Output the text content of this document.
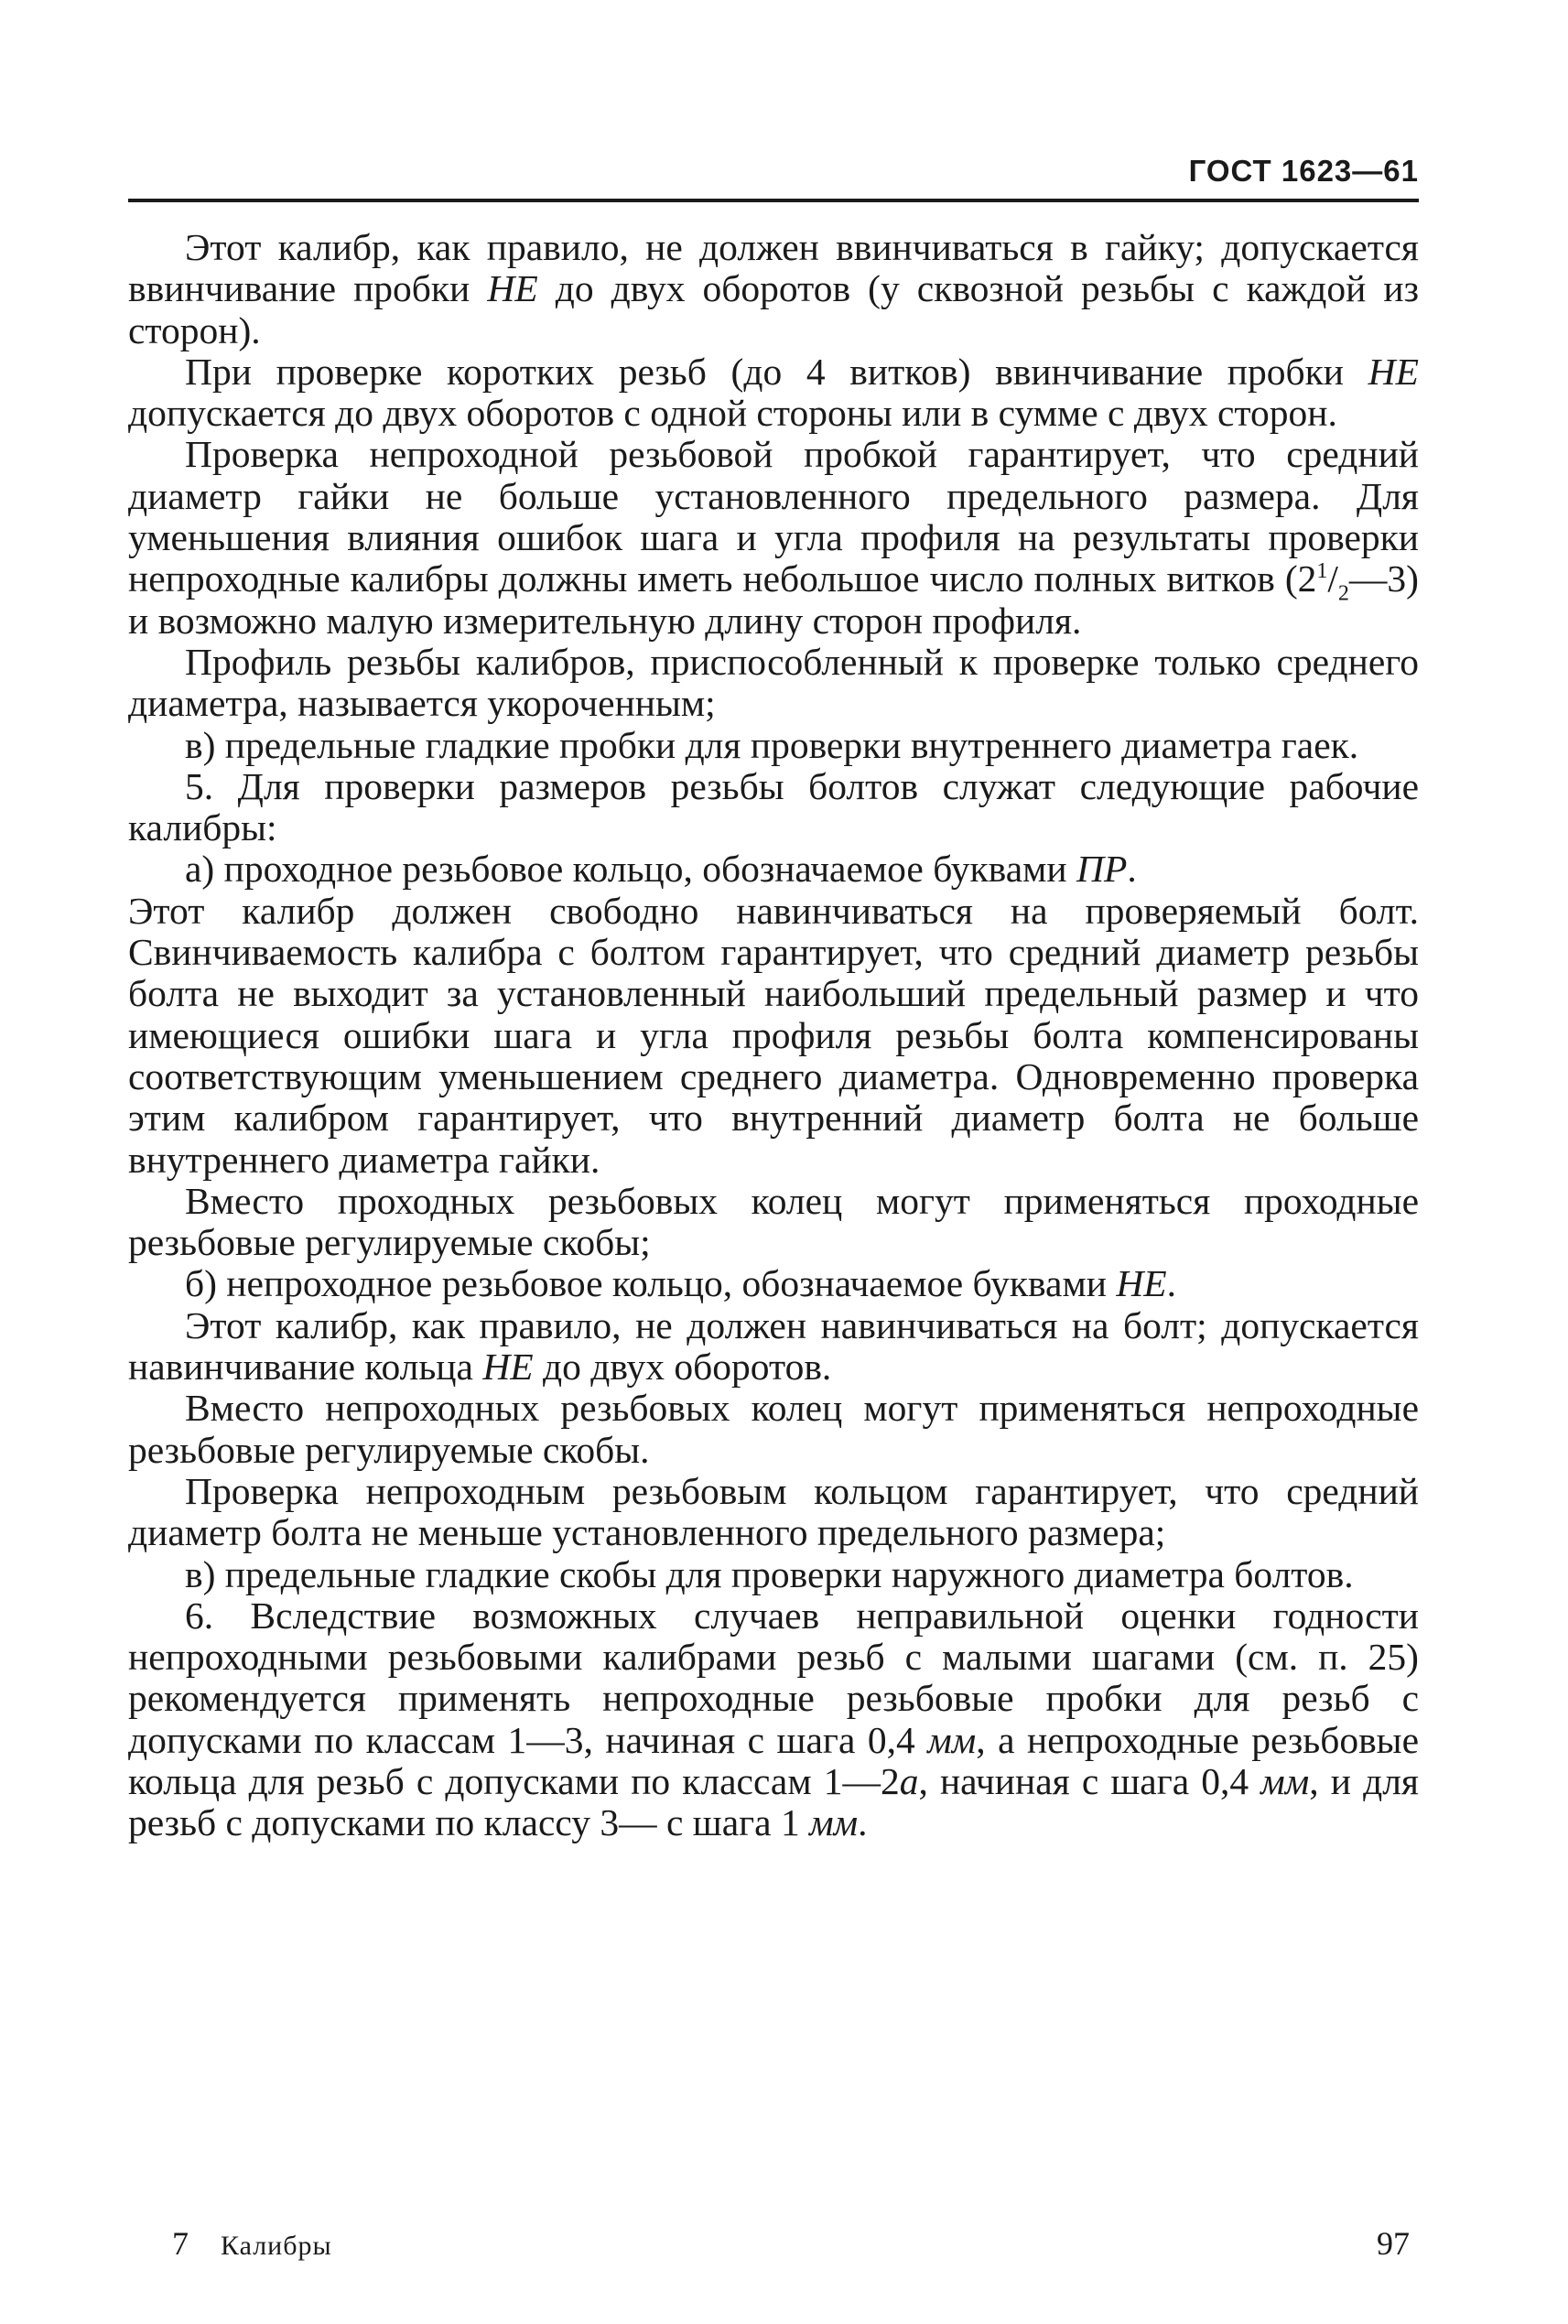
ГОСТ 1623—61

Этот калибр, как правило, не должен ввинчиваться в гайку; допускается ввинчивание пробки НЕ до двух оборотов (у сквозной резьбы с каждой из сторон).

При проверке коротких резьб (до 4 витков) ввинчивание пробки НЕ допускается до двух оборотов с одной стороны или в сумме с двух сторон.

Проверка непроходной резьбовой пробкой гарантирует, что средний диаметр гайки не больше установленного предельного размера. Для уменьшения влияния ошибок шага и угла профиля на результаты проверки непроходные калибры должны иметь небольшое число полных витков $(2^1/_2—3)$ и возможно малую измерительную длину сторон профиля.

Профиль резьбы калибров, приспособленный к проверке только среднего диаметра, называется укороченным;

в) предельные гладкие пробки для проверки внутреннего диаметра гаек.

5. Для проверки размеров резьбы болтов служат следующие рабочие калибры:

а) проходное резьбовое кольцо, обозначаемое буквами ПР.

Этот калибр должен свободно навинчиваться на проверяемый болт. Свинчиваемость калибра с болтом гарантирует, что средний диаметр резьбы болта не выходит за установленный наибольший предельный размер и что имеющиеся ошибки шага и угла профиля резьбы болта компенсированы соответствующим уменьшением среднего диаметра. Одновременно проверка этим калибром гарантирует, что внутренний диаметр болта не больше внутреннего диаметра гайки.

Вместо проходных резьбовых колец могут применяться проходные резьбовые регулируемые скобы;

б) непроходное резьбовое кольцо, обозначаемое буквами НЕ.

Этот калибр, как правило, не должен навинчиваться на болт; допускается навинчивание кольца НЕ до двух оборотов.

Вместо непроходных резьбовых колец могут применяться непроходные резьбовые регулируемые скобы.

Проверка непроходным резьбовым кольцом гарантирует, что средний диаметр болта не меньше установленного предельного размера;

в) предельные гладкие скобы для проверки наружного диаметра болтов.

6. Вследствие возможных случаев неправильной оценки годности непроходными резьбовыми калибрами резьб с малыми шагами (см. п. 25) рекомендуется применять непроходные резьбовые пробки для резьб с допусками по классам 1—3, начиная с шага 0,4 мм, а непроходные резьбовые кольца для резьб с допусками по классам 1—2а, начиная с шага 0,4 мм, и для резьб с допусками по классу 3— с шага 1 мм.

7 Калибры	97
